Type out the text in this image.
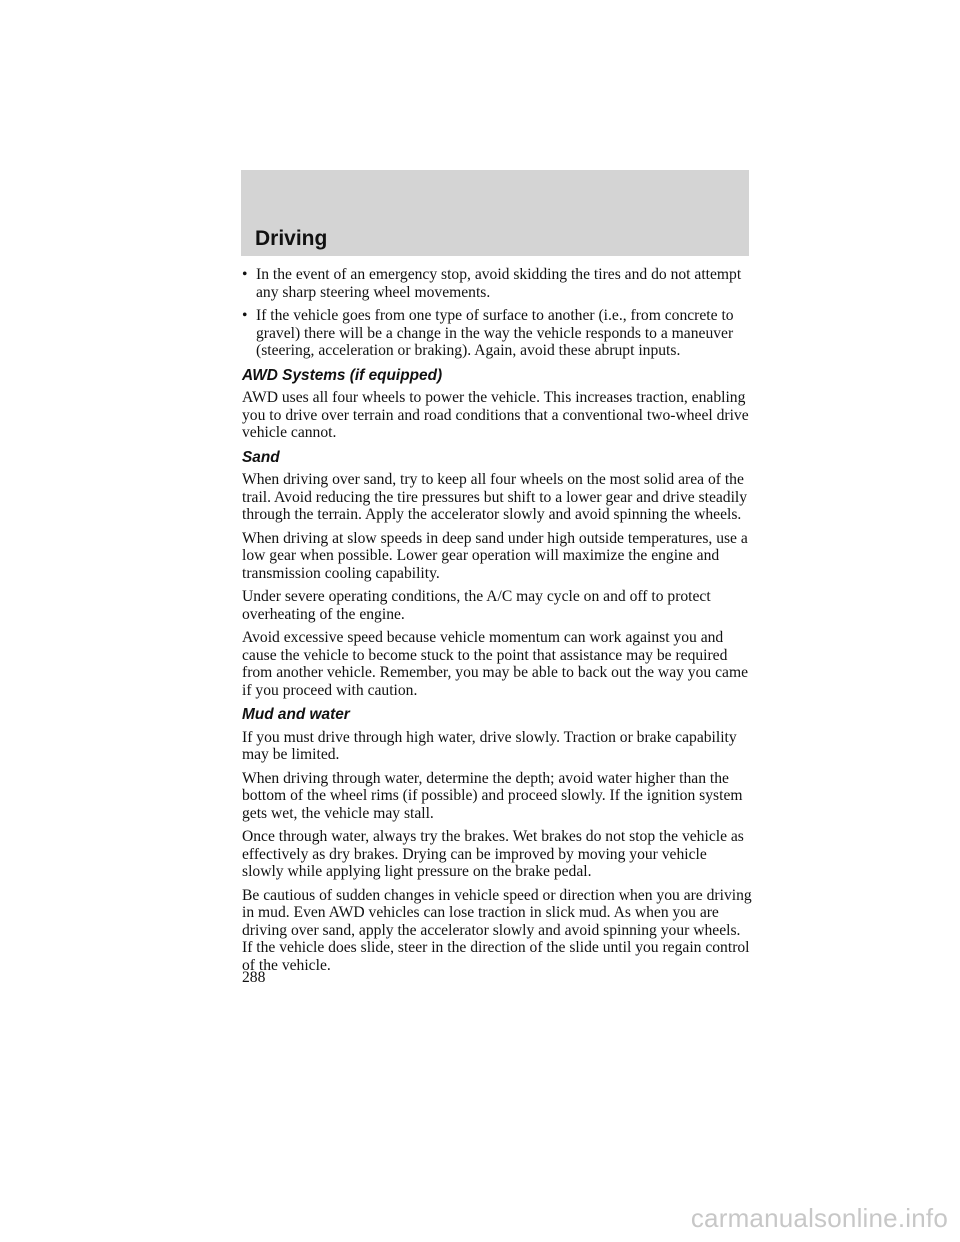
Driving
• In the event of an emergency stop, avoid skidding the tires and do not attempt any sharp steering wheel movements.
• If the vehicle goes from one type of surface to another (i.e., from concrete to gravel) there will be a change in the way the vehicle responds to a maneuver (steering, acceleration or braking). Again, avoid these abrupt inputs.
AWD Systems (if equipped)

AWD uses all four wheels to power the vehicle. This increases traction, enabling you to drive over terrain and road conditions that a conventional two-wheel drive vehicle cannot.

Sand

When driving over sand, try to keep all four wheels on the most solid area of the trail. Avoid reducing the tire pressures but shift to a lower gear and drive steadily through the terrain. Apply the accelerator slowly and avoid spinning the wheels.

When driving at slow speeds in deep sand under high outside temperatures, use a low gear when possible. Lower gear operation will maximize the engine and transmission cooling capability.

Under severe operating conditions, the A/C may cycle on and off to protect overheating of the engine.

Avoid excessive speed because vehicle momentum can work against you and cause the vehicle to become stuck to the point that assistance may be required from another vehicle. Remember, you may be able to back out the way you came if you proceed with caution.

Mud and water

If you must drive through high water, drive slowly. Traction or brake capability may be limited.

When driving through water, determine the depth; avoid water higher than the bottom of the wheel rims (if possible) and proceed slowly. If the ignition system gets wet, the vehicle may stall.

Once through water, always try the brakes. Wet brakes do not stop the vehicle as effectively as dry brakes. Drying can be improved by moving your vehicle slowly while applying light pressure on the brake pedal.

Be cautious of sudden changes in vehicle speed or direction when you are driving in mud. Even AWD vehicles can lose traction in slick mud. As when you are driving over sand, apply the accelerator slowly and avoid spinning your wheels. If the vehicle does slide, steer in the direction of the slide until you regain control of the vehicle.

288
carmanualsonline.info
